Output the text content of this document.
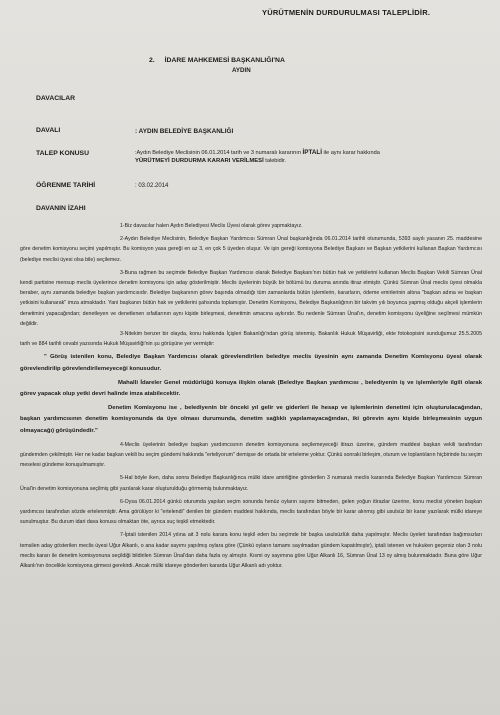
YÜRÜTMENİN DURDURULMASI TALEPLİDİR.
2. İDARE MAHKEMESİ BAŞKANLIĞI'NA
AYDIN
DAVACILAR
DAVALI	: AYDIN BELEDİYE BAŞKANLIĞI
TALEP KONUSU	:Aydın Belediye Meclisinin 06.01.2014 tarih ve 3 numaralı kararının İPTALİ ile aynı karar hakkında
YÜRÜTMEYİ DURDURMA KARARI VERİLMESİ talebidir.
ÖĞRENME TARİHİ	: 03.02.2014
DAVANIN İZAHI

1-Biz davacılar halen Aydın Belediyesi Meclis Üyesi olarak görev yapmaktayız.

2-Aydın Belediye Meclisinin, Belediye Başkan Yardımcısı Sümran Ünal başkanlığında 06.01.2014 tarihli oturumunda, 5393 sayılı yasanın 25. maddesine göre denetim komisyonu seçimi yapılmıştır. Bu komisyon yasa gereği en az 3, en çok 5 üyeden oluşur. Ve işin gereği komisyona Belediye Başkanı ve Başkan yetkilerini kullanan Başkan Yardımcısı (belediye meclisi üyesi olsa bile) seçilemez.

3-Buna rağmen bu seçimde Belediye Başkan Yardımcısı olarak Belediye Başkanı'nın bütün hak ve yetkilerini kullanan Meclis Başkan Vekili Sümran Ünal kendi partisine mensup meclis üyelerince denetim komisyonu için aday gösterilmiştir. Meclis üyelerinin büyük bir bölümü bu duruma anında itiraz etmiştir. Çünkü Sümran Ünal meclis üyesi olmakla beraber, aynı zamanda belediye başkan yardımcısıdır. Belediye başkanının görev başında olmadığı tüm zamanlarda bütün işlemlerin, kararların, ödeme emirlerinin altına "başkan adına ve başkan yetkisini kullanarak" imza atmaktadır. Yani başkanın bütün hak ve yetkilerini şahsında toplamıştır. Denetim Komisyonu, Belediye Başkanlığının bir takvim yılı boyunca yapmış olduğu akçeli işlemlerin denetimini yapacağından; denetleyen ve denetlenen sıfatlarının aynı kişide birleşmesi, denetimin amacına aykırıdır. Bu nedenle Sümran Ünal'ın, denetim komisyonu üyeliğine seçilmesi mümkün değildir.

3-Nitekim benzer bir olayda, konu hakkında İçişleri Bakanlığı'ndan görüş istenmiş. Bakanlık Hukuk Müşavirliği, ekte fotokopisini sunduğumuz 25.5.2005 tarih ve 884 tarihli cevabi yazısında Hukuk Müşavirliği'nin şu görüşüne yer vermiştir:

" Görüş istenilen konu, Belediye Başkan Yardımcısı olarak görevlendirilen belediye meclis üyesinin aynı zamanda Denetim Komisyonu üyesi olarak görevlendirilip görevlendirilemeyeceği konusudur.

Mahalli İdareler Genel müdürlüğü konuya ilişkin olarak (Belediye Başkan yardımcısı , belediyenin iş ve işlemleriyle ilgili olarak görev yapacak olup yetki devri halinde imza atabilecektir.

Denetim Komisyonu ise , belediyenin bir önceki yıl gelir ve giderleri ile hesap ve işlemlerinin denetimi için oluşturulacağından, başkan yardımcısının denetim komisyonunda da üye olması durumunda, denetim sağlıklı yapılamayacağından, iki görevin aynı kişide birleşmesinin uygun olmayacağı) görüşündedir."

4-Meclis üyelerinin belediye başkan yardımcısının denetim komisyonuna seçilemeyeceği itirazı üzerine, gündem maddesi başkan vekili tarafından gündemden çekilmiştir. Her ne kadar başkan vekili bu seçim gündemi hakkında "erteliyorum" demişse de ortada bir erteleme yoktur. Çünkü sonraki birleşim, oturum ve toplantıların hiçbirinde bu seçim meselesi gündeme konuşulmamıştır.

5-Hal böyle iken, daha sonra Belediye Başkanlığınca mülki idare amirliğine gönderilen 3 numaralı meclis kararında Belediye Başkan Yardımcısı Sümran Ünal'in denetim komisyonuna seçilmiş gibi yazılarak karar oluşturulduğu görmemiş bulunmaktayız.

6-Oysa 06.01.2014 günkü oturumda yapılan seçim sonunda henüz oyların sayımı bitmeden, gelen yoğun itirazlar üzerine, konu meclisi yöneten başkan yardımcısı tarafından sözde ertelenmiştir. Ama görülüyor ki "ertelendi" denilen bir gündem maddesi hakkında, meclis tarafından böyle bir karar alınmış gibi usulsüz bir karar yazılarak mülki idareye sunulmuştur. Bu durum idari dava konusu olmaktan öte, ayrıca suç teşkil etmektedir.

7-İptali istenilen 2014 yılına ait 3 nolu karara konu teşkil eden bu seçimde bir başka usulsüzlük daha yapılmıştır. Meclis üyeleri tarafından bağımsızları temsilen aday gösterilen meclis üyesi Uğur Alkanlı, o ana kadar sayımı yapılmış oylara göre (Çünkü oyların tamamı sayılmadan gündem kapatılmıştır), iptali istenen ve hukuken geçersiz olan 3 nolu meclis kararı ile denetim komisyonuna seçildiği bildirilen Sümran Ünal'dan daha fazla oy almıştır. Kısmi oy sayımına göre Uğur Alkanlı 16, Sümran Ünal 13 oy almış bulunmaktadır. Buna göre Uğur Alkanlı'nın öncelikle komisyona girmesi gerekirdi. Ancak mülki idareye gönderilen kararda Uğur Alkanlı adı yoktur.
